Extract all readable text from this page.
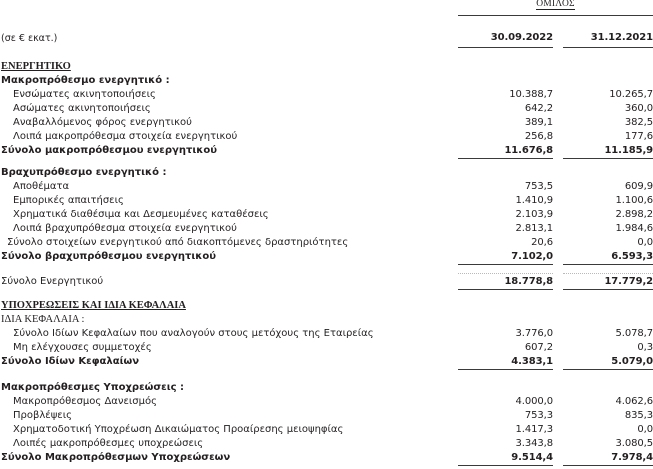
ΟΜΙΛΟΣ
(σε € εκατ.)	30.09.2022	31.12.2021
ΕΝΕΡΓΗΤΙΚΟ
Μακροπρόθεσμο ενεργητικό :
Ενσώματες ακινητοποιήσεις	10.388,7	10.265,7
Ασώματες ακινητοποιήσεις	642,2	360,0
Αναβαλλόμενος φόρος ενεργητικού	389,1	382,5
Λοιπά μακροπρόθεσμα στοιχεία ενεργητικού	256,8	177,6
Σύνολο μακροπρόθεσμου ενεργητικού	11.676,8	11.185,9
Βραχυπρόθεσμο ενεργητικό :
Αποθέματα	753,5	609,9
Εμπορικές απαιτήσεις	1.410,9	1.100,6
Χρηματικά διαθέσιμα και Δεσμευμένες καταθέσεις	2.103,9	2.898,2
Λοιπά βραχυπρόθεσμα στοιχεία ενεργητικού	2.813,1	1.984,6
Σύνολο στοιχείων ενεργητικού από διακοπτόμενες δραστηριότητες	20,6	0,0
Σύνολο βραχυπρόθεσμου ενεργητικού	7.102,0	6.593,3
Σύνολο Ενεργητικού	18.778,8	17.779,2
ΥΠΟΧΡΕΩΣΕΙΣ ΚΑΙ ΙΔΙΑ ΚΕΦΑΛΑΙΑ
ΙΔΙΑ ΚΕΦΑΛΑΙΑ :
Σύνολο Ιδίων Κεφαλαίων που αναλογούν στους μετόχους της Εταιρείας	3.776,0	5.078,7
Μη ελέγχουσες συμμετοχές	607,2	0,3
Σύνολο Ιδίων Κεφαλαίων	4.383,1	5.079,0
Μακροπρόθεσμες Υποχρεώσεις :
Μακροπρόθεσμος Δανεισμός	4.000,0	4.062,6
Προβλέψεις	753,3	835,3
Χρηματοδοτική Υποχρέωση Δικαιώματος Προαίρεσης μειοψηφίας	1.417,3	0,0
Λοιπές μακροπρόθεσμες υποχρεώσεις	3.343,8	3.080,5
Σύνολο Μακροπρόθεσμων Υποχρεώσεων	9.514,4	7.978,4
